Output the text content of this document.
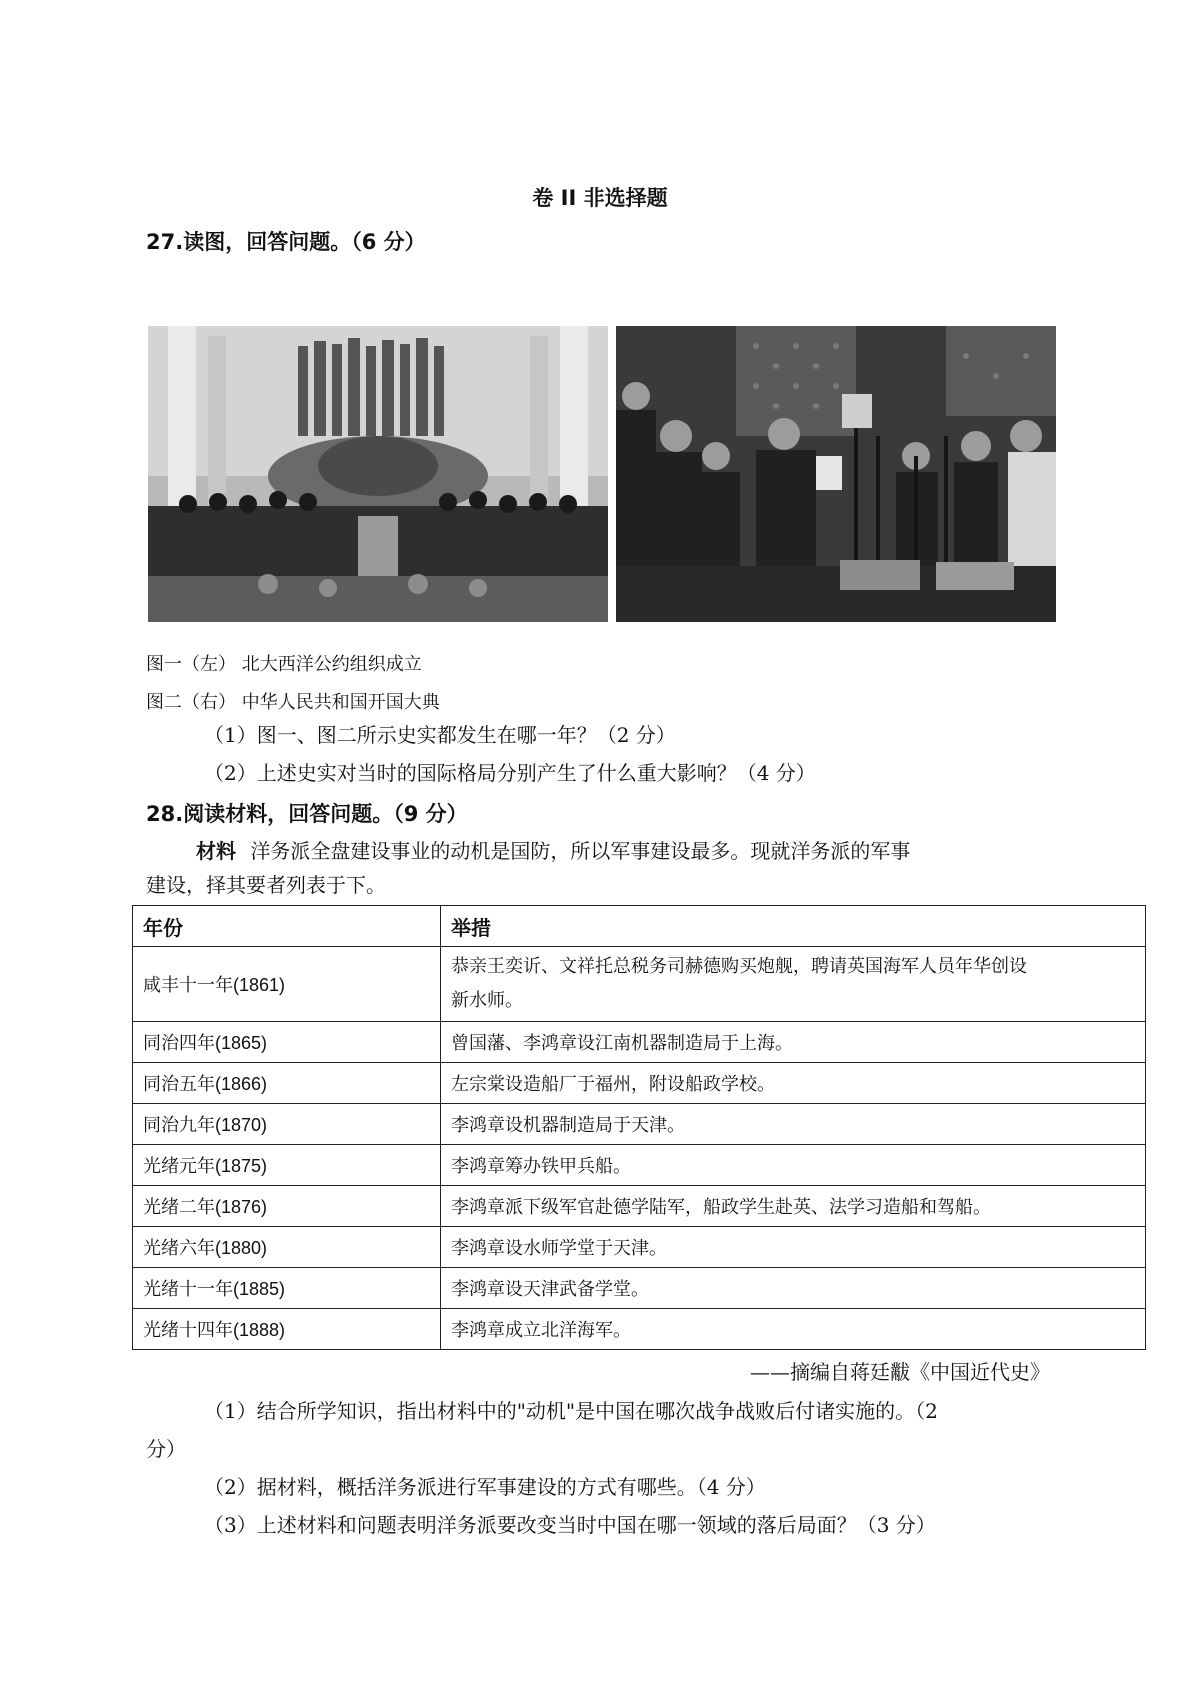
卷 II 非选择题
27.读图，回答问题。（6 分）
图一（左） 北大西洋公约组织成立
图二（右） 中华人民共和国开国大典
（1）图一、图二所示史实都发生在哪一年？（2 分）
（2）上述史实对当时的国际格局分别产生了什么重大影响？（4 分）
28.阅读材料，回答问题。（9 分）
材料 洋务派全盘建设事业的动机是国防，所以军事建设最多。现就洋务派的军事
建设，择其要者列表于下。
年份	举措
咸丰十一年(1861)	恭亲王奕䜣、文祥托总税务司赫德购买炮舰，聘请英国海军人员年华创设
新水师。

同治四年(1865)	曾国藩、李鸿章设江南机器制造局于上海。
同治五年(1866)	左宗棠设造船厂于福州，附设船政学校。
同治九年(1870)	李鸿章设机器制造局于天津。
光绪元年(1875)	李鸿章筹办铁甲兵船。
光绪二年(1876)	李鸿章派下级军官赴德学陆军，船政学生赴英、法学习造船和驾船。
光绪六年(1880)	李鸿章设水师学堂于天津。
光绪十一年(1885)	李鸿章设天津武备学堂。
光绪十四年(1888)	李鸿章成立北洋海军。
——摘编自蒋廷黻《中国近代史》
（1）结合所学知识，指出材料中的"动机"是中国在哪次战争战败后付诸实施的。（2
分）
（2）据材料，概括洋务派进行军事建设的方式有哪些。（4 分）
（3）上述材料和问题表明洋务派要改变当时中国在哪一领域的落后局面？（3 分）
